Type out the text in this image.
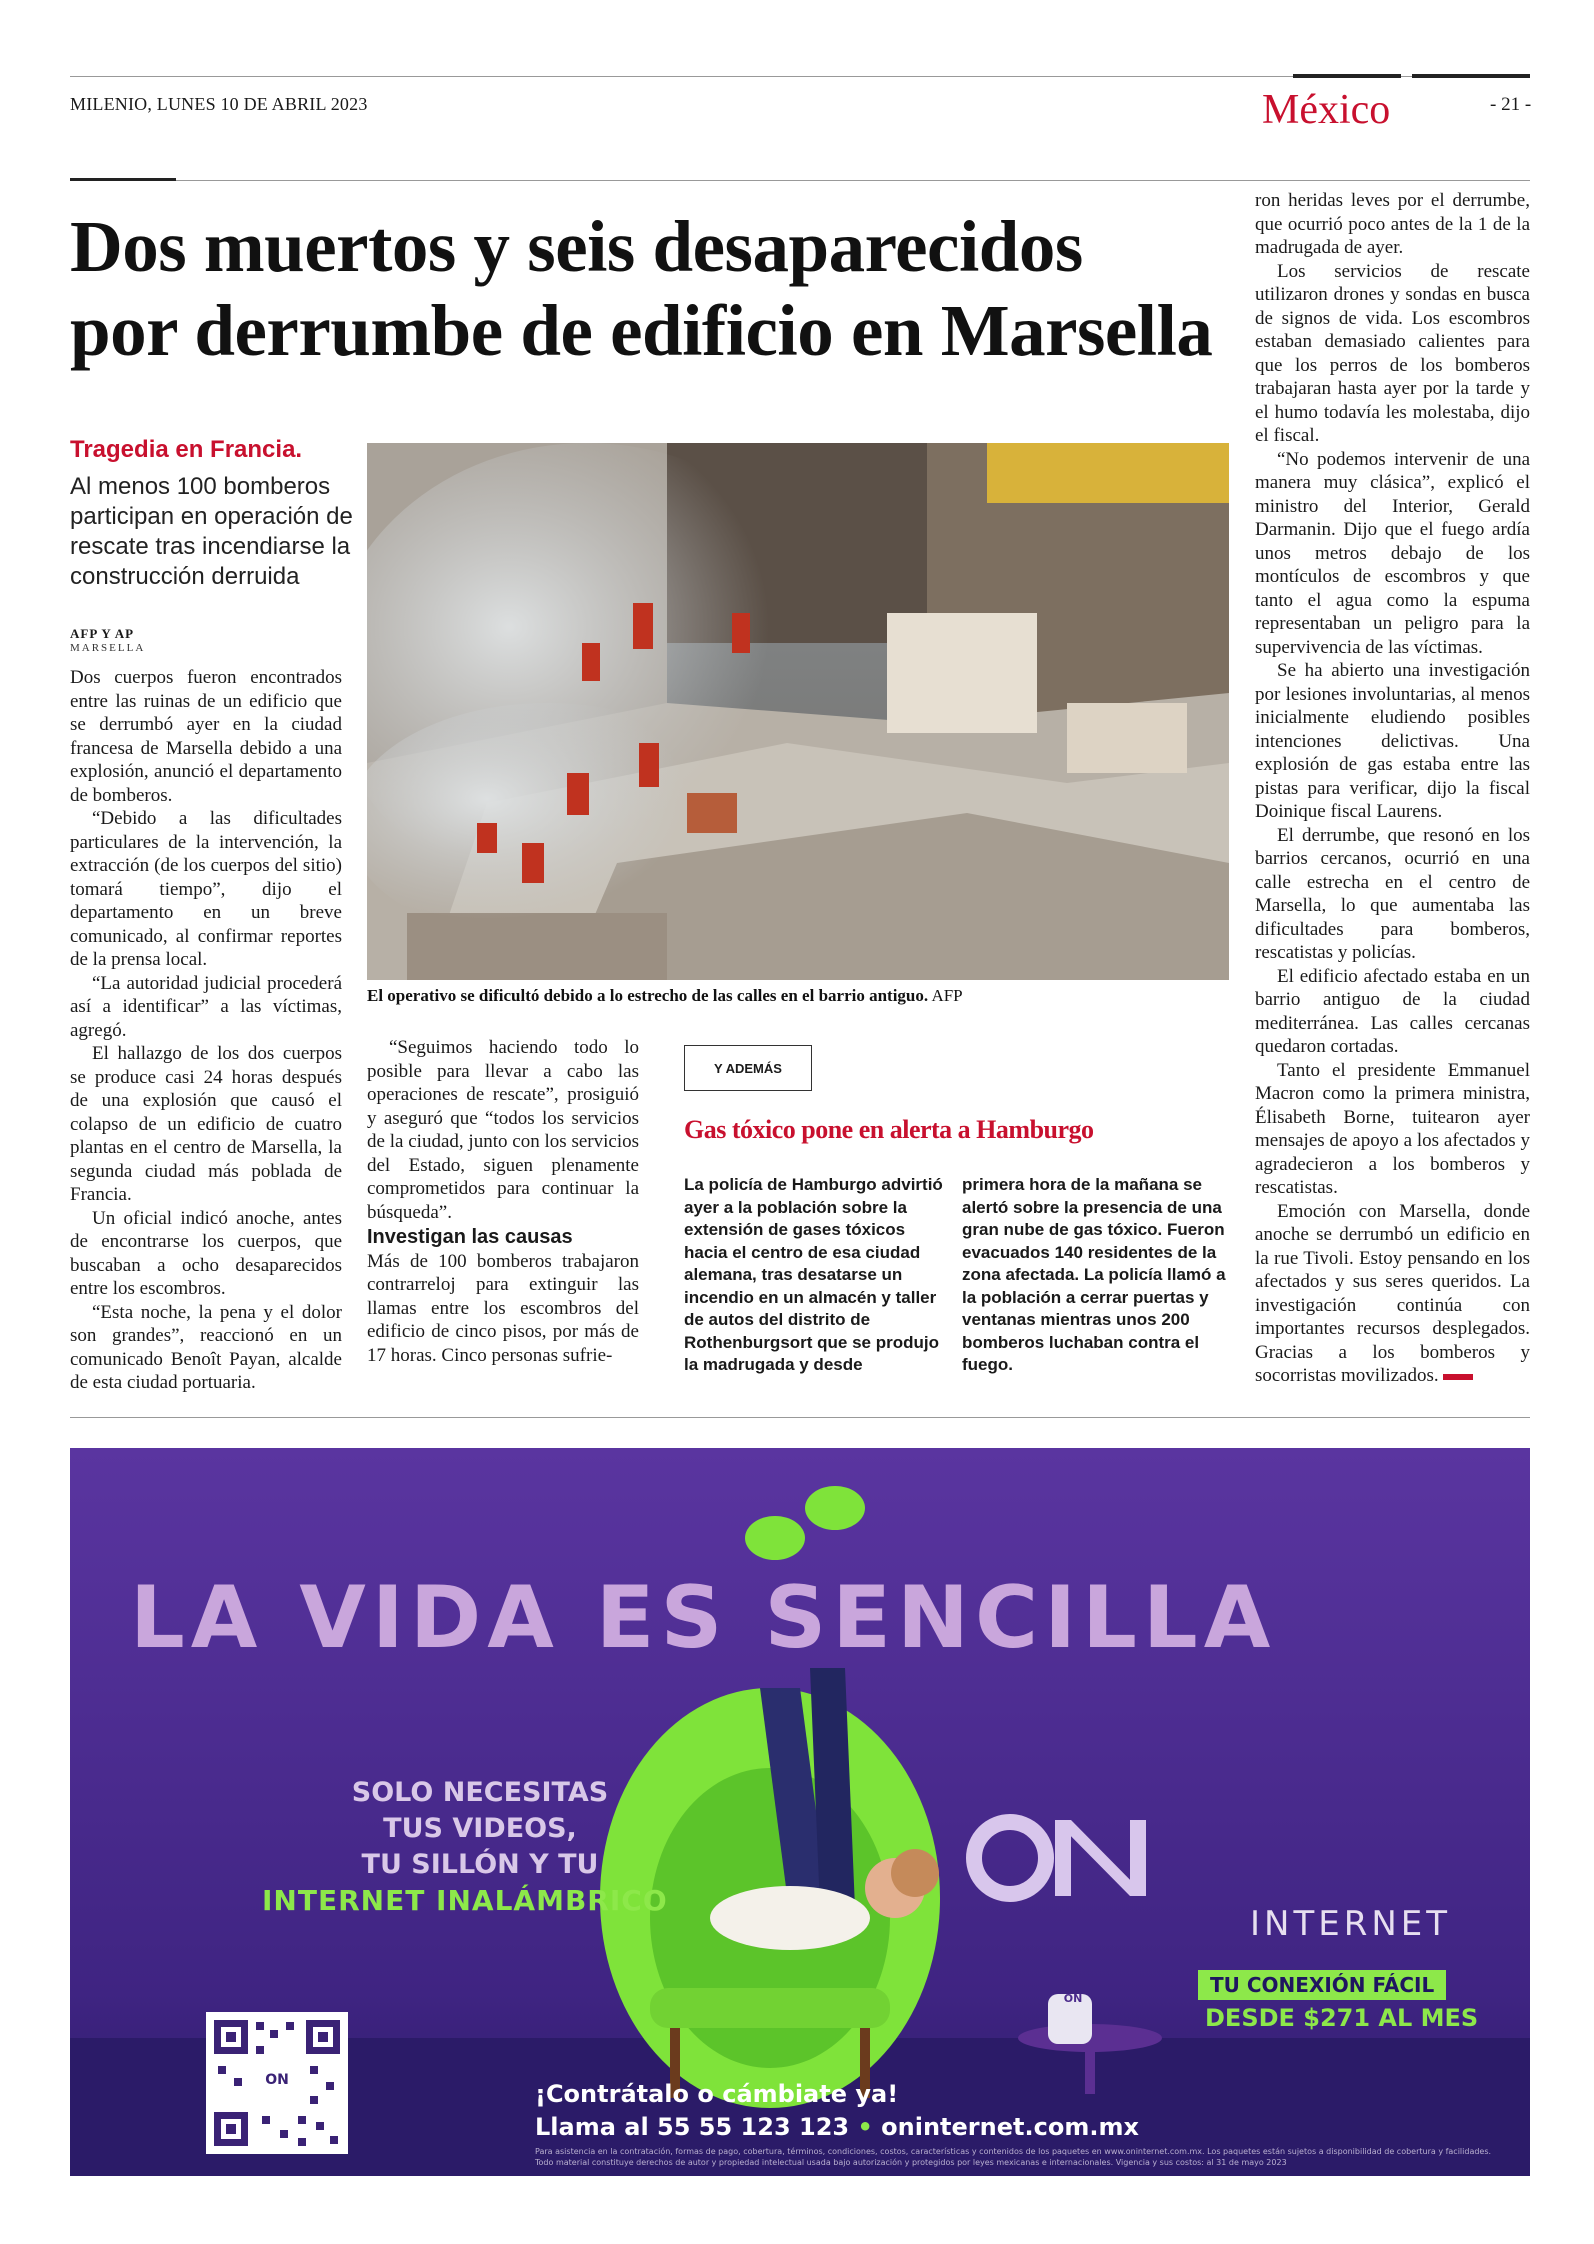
MILENIO, LUNES 10 DE ABRIL 2023	México	- 21 -
Dos muertos y seis desaparecidos
por derrumbe de edificio en Marsella
Tragedia en Francia.
Al menos 100 bomberos participan en operación de rescate tras incendiarse la construcción derruida
AFP Y AP
MARSELLA

Dos cuerpos fueron encontrados entre las ruinas de un edificio que se derrumbó ayer en la ciudad francesa de Marsella debido a una explosión, anunció el departamento de bomberos.

“Debido a las dificultades particulares de la intervención, la extracción (de los cuerpos del sitio) tomará tiempo”, dijo el departamento en un breve comunicado, al confirmar reportes de la prensa local.

“La autoridad judicial procederá así a identificar” a las víctimas, agregó.

El hallazgo de los dos cuerpos se produce casi 24 horas después de una explosión que causó el colapso de un edificio de cuatro plantas en el centro de Marsella, la segunda ciudad más poblada de Francia.

Un oficial indicó anoche, antes de encontrarse los cuerpos, que buscaban a ocho desaparecidos entre los escombros.

“Esta noche, la pena y el dolor son grandes”, reaccionó en un comunicado Benoît Payan, alcalde de esta ciudad portuaria.

El operativo se dificultó debido a lo estrecho de las calles en el barrio antiguo. AFP

“Seguimos haciendo todo lo posible para llevar a cabo las operaciones de rescate”, prosiguió y aseguró que “todos los servicios de la ciudad, junto con los servicios del Estado, siguen plenamente comprometidos para continuar la búsqueda”.

Investigan las causas

Más de 100 bomberos trabajaron contrarreloj para extinguir las llamas entre los escombros del edificio de cinco pisos, por más de 17 horas. Cinco personas sufrie-

Y ADEMÁS
Gas tóxico pone en alerta a Hamburgo
La policía de Hamburgo advirtió ayer a la población sobre la extensión de gases tóxicos hacia el centro de esa ciudad alemana, tras desatarse un incendio en un almacén y taller de autos del distrito de Rothenburgsort que se produjo la madrugada y desde
primera hora de la mañana se alertó sobre la presencia de una gran nube de gas tóxico. Fueron evacuados 140 residentes de la zona afectada. La policía llamó a la población a cerrar puertas y ventanas mientras unos 200 bomberos luchaban contra el fuego.

ron heridas leves por el derrumbe, que ocurrió poco antes de la 1 de la madrugada de ayer.

Los servicios de rescate utilizaron drones y sondas en busca de signos de vida. Los escombros estaban demasiado calientes para que los perros de los bomberos trabajaran hasta ayer por la tarde y el humo todavía les molestaba, dijo el fiscal.

“No podemos intervenir de una manera muy clásica”, explicó el ministro del Interior, Gerald Darmanin. Dijo que el fuego ardía unos metros debajo de los montículos de escombros y que tanto el agua como la espuma representaban un peligro para la supervivencia de las víctimas.

Se ha abierto una investigación por lesiones involuntarias, al menos inicialmente eludiendo posibles intenciones delictivas. Una explosión de gas estaba entre las pistas para verificar, dijo la fiscal Doinique fiscal Laurens.

El derrumbe, que resonó en los barrios cercanos, ocurrió en una calle estrecha en el centro de Marsella, lo que aumentaba las dificultades para bomberos, rescatistas y policías.

El edificio afectado estaba en un barrio antiguo de la ciudad mediterránea. Las calles cercanas quedaron cortadas.

Tanto el presidente Emmanuel Macron como la primera ministra, Élisabeth Borne, tuitearon ayer mensajes de apoyo a los afectados y agradecieron a los bomberos y rescatistas.

Emoción con Marsella, donde anoche se derrumbó un edificio en la rue Tivoli. Estoy pensando en los afectados y sus seres queridos. La investigación continúa con importantes recursos desplegados. Gracias a los bomberos y socorristas movilizados.

LA VIDA ES SENCILLA
SOLO NECESITAS
TUS VIDEOS,
TU SILLÓN Y TU
INTERNET INALÁMBRICO
ON
INTERNET
TU CONEXIÓN FÁCIL
DESDE $271 AL MES
ON	¡Contrátalo o cámbiate ya!
Llama al 55 55 123 123 • oninternet.com.mx
Para asistencia en la contratación, formas de pago, cobertura, términos, condiciones, costos, características y contenidos de los paquetes en www.oninternet.com.mx. Los paquetes están sujetos a disponibilidad de cobertura y facilidades. Todo material constituye derechos de autor y propiedad intelectual usada bajo autorización y protegidos por leyes mexicanas e internacionales. Vigencia y sus costos: al 31 de mayo 2023
